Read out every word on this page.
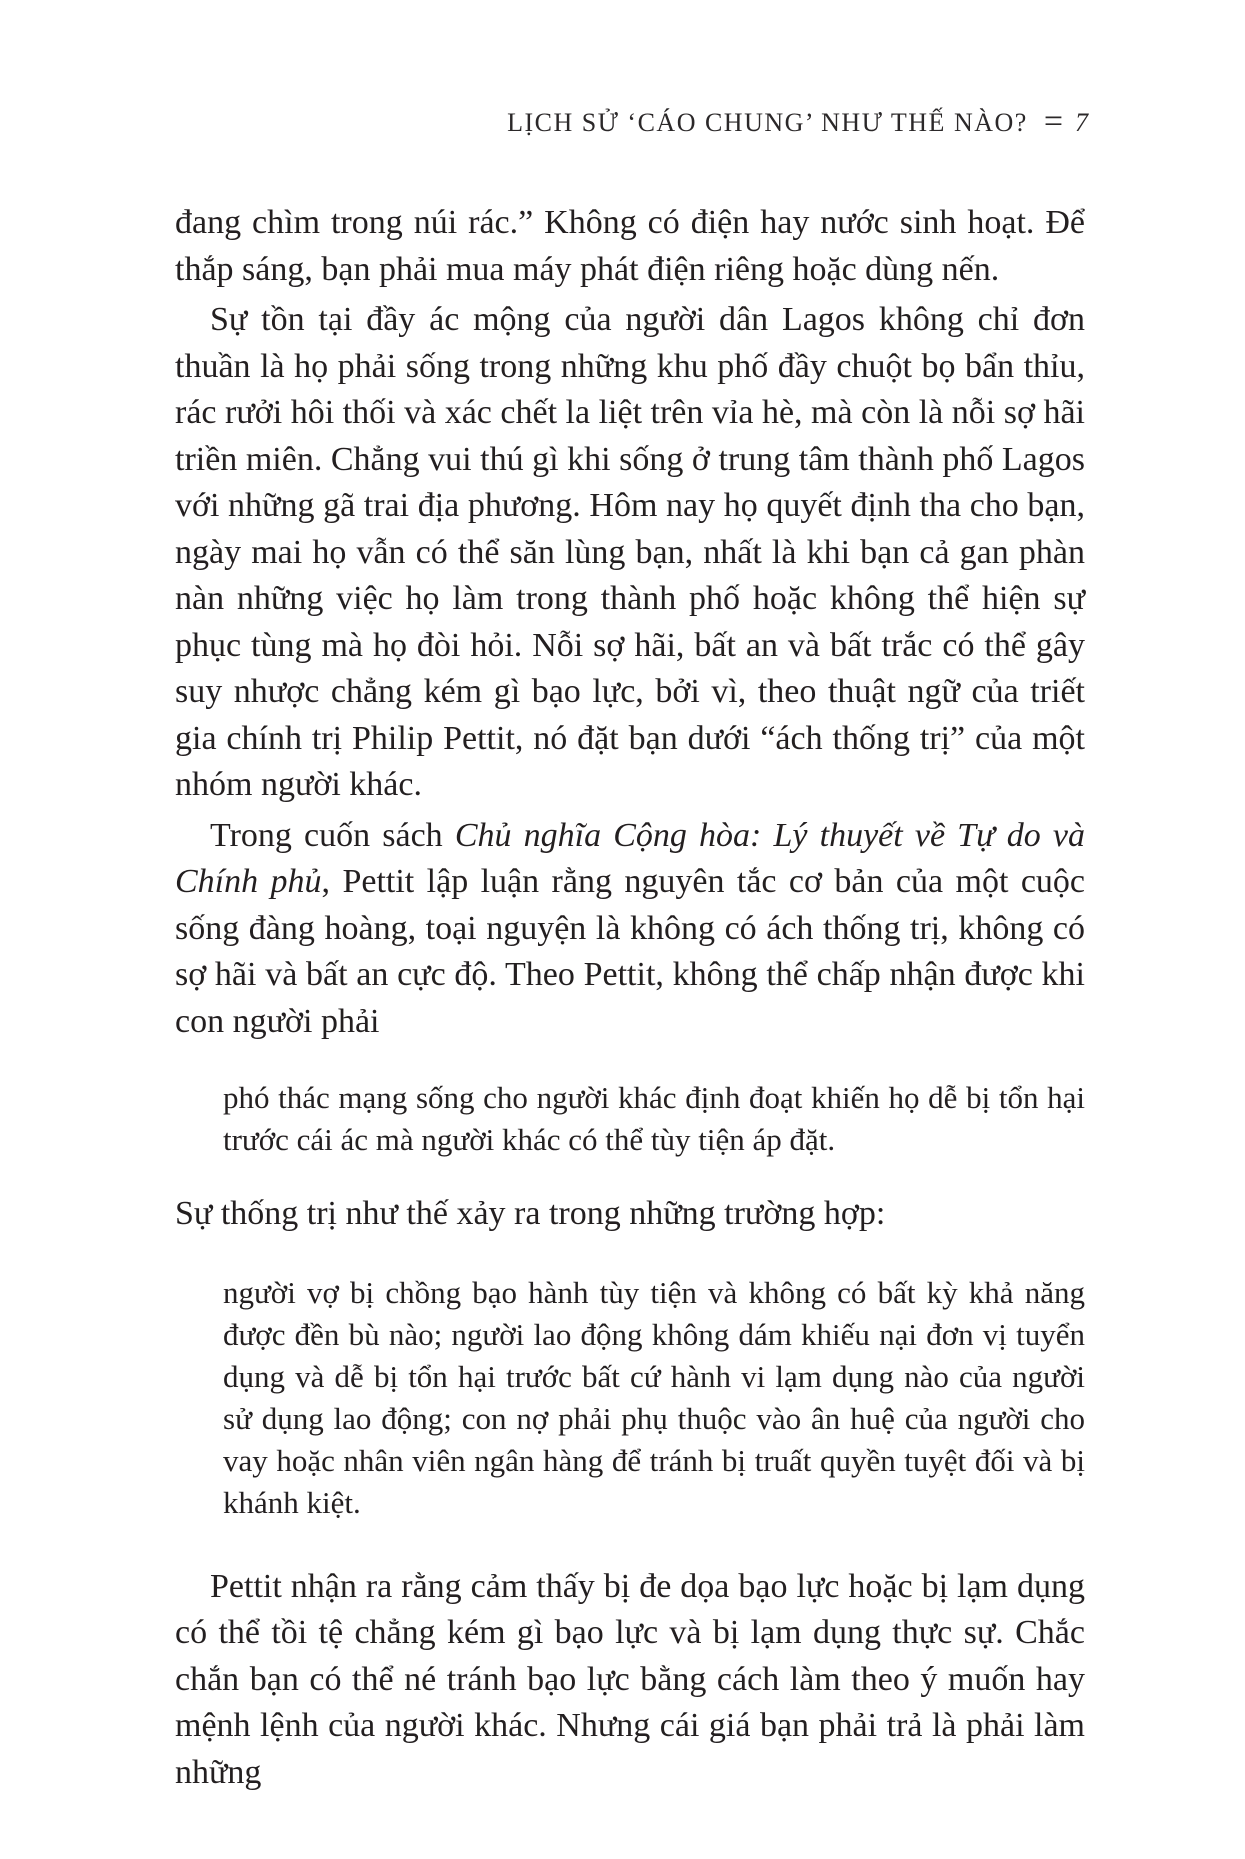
LỊCH SỬ ‘CÁO CHUNG’ NHƯ THẾ NÀO? = 7

đang chìm trong núi rác.” Không có điện hay nước sinh hoạt. Để thắp sáng, bạn phải mua máy phát điện riêng hoặc dùng nến.

Sự tồn tại đầy ác mộng của người dân Lagos không chỉ đơn thuần là họ phải sống trong những khu phố đầy chuột bọ bẩn thỉu, rác rưởi hôi thối và xác chết la liệt trên vỉa hè, mà còn là nỗi sợ hãi triền miên. Chẳng vui thú gì khi sống ở trung tâm thành phố Lagos với những gã trai địa phương. Hôm nay họ quyết định tha cho bạn, ngày mai họ vẫn có thể săn lùng bạn, nhất là khi bạn cả gan phàn nàn những việc họ làm trong thành phố hoặc không thể hiện sự phục tùng mà họ đòi hỏi. Nỗi sợ hãi, bất an và bất trắc có thể gây suy nhược chẳng kém gì bạo lực, bởi vì, theo thuật ngữ của triết gia chính trị Philip Pettit, nó đặt bạn dưới “ách thống trị” của một nhóm người khác.

Trong cuốn sách Chủ nghĩa Cộng hòa: Lý thuyết về Tự do và Chính phủ, Pettit lập luận rằng nguyên tắc cơ bản của một cuộc sống đàng hoàng, toại nguyện là không có ách thống trị, không có sợ hãi và bất an cực độ. Theo Pettit, không thể chấp nhận được khi con người phải

phó thác mạng sống cho người khác định đoạt khiến họ dễ bị tổn hại trước cái ác mà người khác có thể tùy tiện áp đặt.

Sự thống trị như thế xảy ra trong những trường hợp:

người vợ bị chồng bạo hành tùy tiện và không có bất kỳ khả năng được đền bù nào; người lao động không dám khiếu nại đơn vị tuyển dụng và dễ bị tổn hại trước bất cứ hành vi lạm dụng nào của người sử dụng lao động; con nợ phải phụ thuộc vào ân huệ của người cho vay hoặc nhân viên ngân hàng để tránh bị truất quyền tuyệt đối và bị khánh kiệt.

Pettit nhận ra rằng cảm thấy bị đe dọa bạo lực hoặc bị lạm dụng có thể tồi tệ chẳng kém gì bạo lực và bị lạm dụng thực sự. Chắc chắn bạn có thể né tránh bạo lực bằng cách làm theo ý muốn hay mệnh lệnh của người khác. Nhưng cái giá bạn phải trả là phải làm những
